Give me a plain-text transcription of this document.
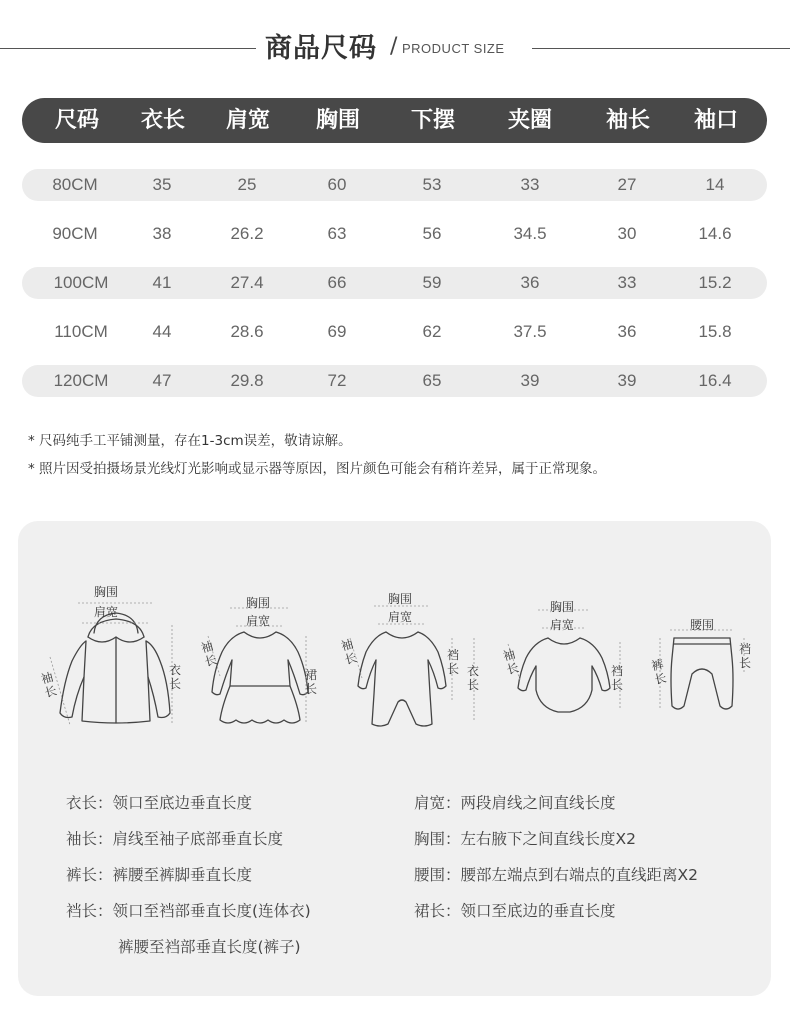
商品尺码 / PRODUCT SIZE
尺码 衣长 肩宽 胸围 下摆 夹圈 袖长 袖口
80CM	35	25	60	53	33	27	14
90CM	38	26.2	63	56	34.5	30	14.6
100CM	41	27.4	66	59	36	33	15.2
110CM	44	28.6	69	62	37.5	36	15.8
120CM	47	29.8	72	65	39	39	16.4
* 尺码纯手工平铺测量，存在1-3cm误差，敬请谅解。
* 照片因受拍摄场景光线灯光影响或显示器等原因，图片颜色可能会有稍许差异，属于正常现象。
胸围
肩宽
衣长
袖长
胸围
肩宽
裙长
袖长
胸围
肩宽
裆长 衣长
袖长
胸围
肩宽
裆长
袖长
腰围
裆长
裤长
衣长：领口至底边垂直长度
袖长：肩线至袖子底部垂直长度
裤长：裤腰至裤脚垂直长度
裆长：领口至裆部垂直长度(连体衣)
裤腰至裆部垂直长度(裤子)
肩宽：两段肩线之间直线长度
胸围：左右腋下之间直线长度X2
腰围：腰部左端点到右端点的直线距离X2
裙长：领口至底边的垂直长度
